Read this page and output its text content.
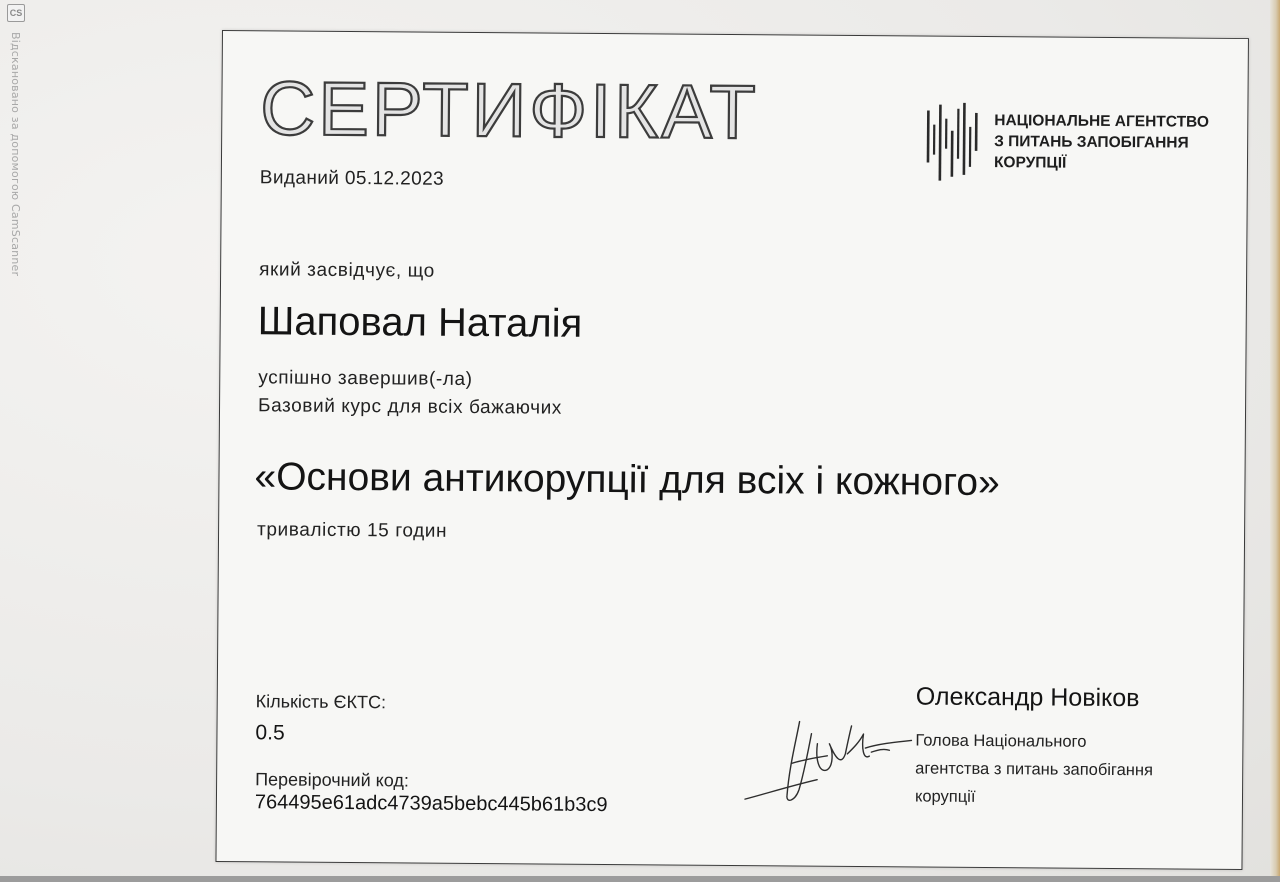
CS
Відскановано за допомогою CamScanner	СЕРТИФІКАТ
Виданий 05.12.2023
НАЦІОНАЛЬНЕ АГЕНТСТВО
З ПИТАНЬ ЗАПОБІГАННЯ
КОРУПЦІЇ
який засвідчує, що
Шаповал Наталія
успішно завершив(-ла)
Базовий курс для всіх бажаючих
«Основи антикорупції для всіх і кожного»
тривалістю 15 годин
Кількість ЄКТС:
0.5
Перевірочний код:
764495e61adc4739a5bebc445b61b3c9
Олександр Новіков
Голова Національного
агентства з питань запобігання
корупції
